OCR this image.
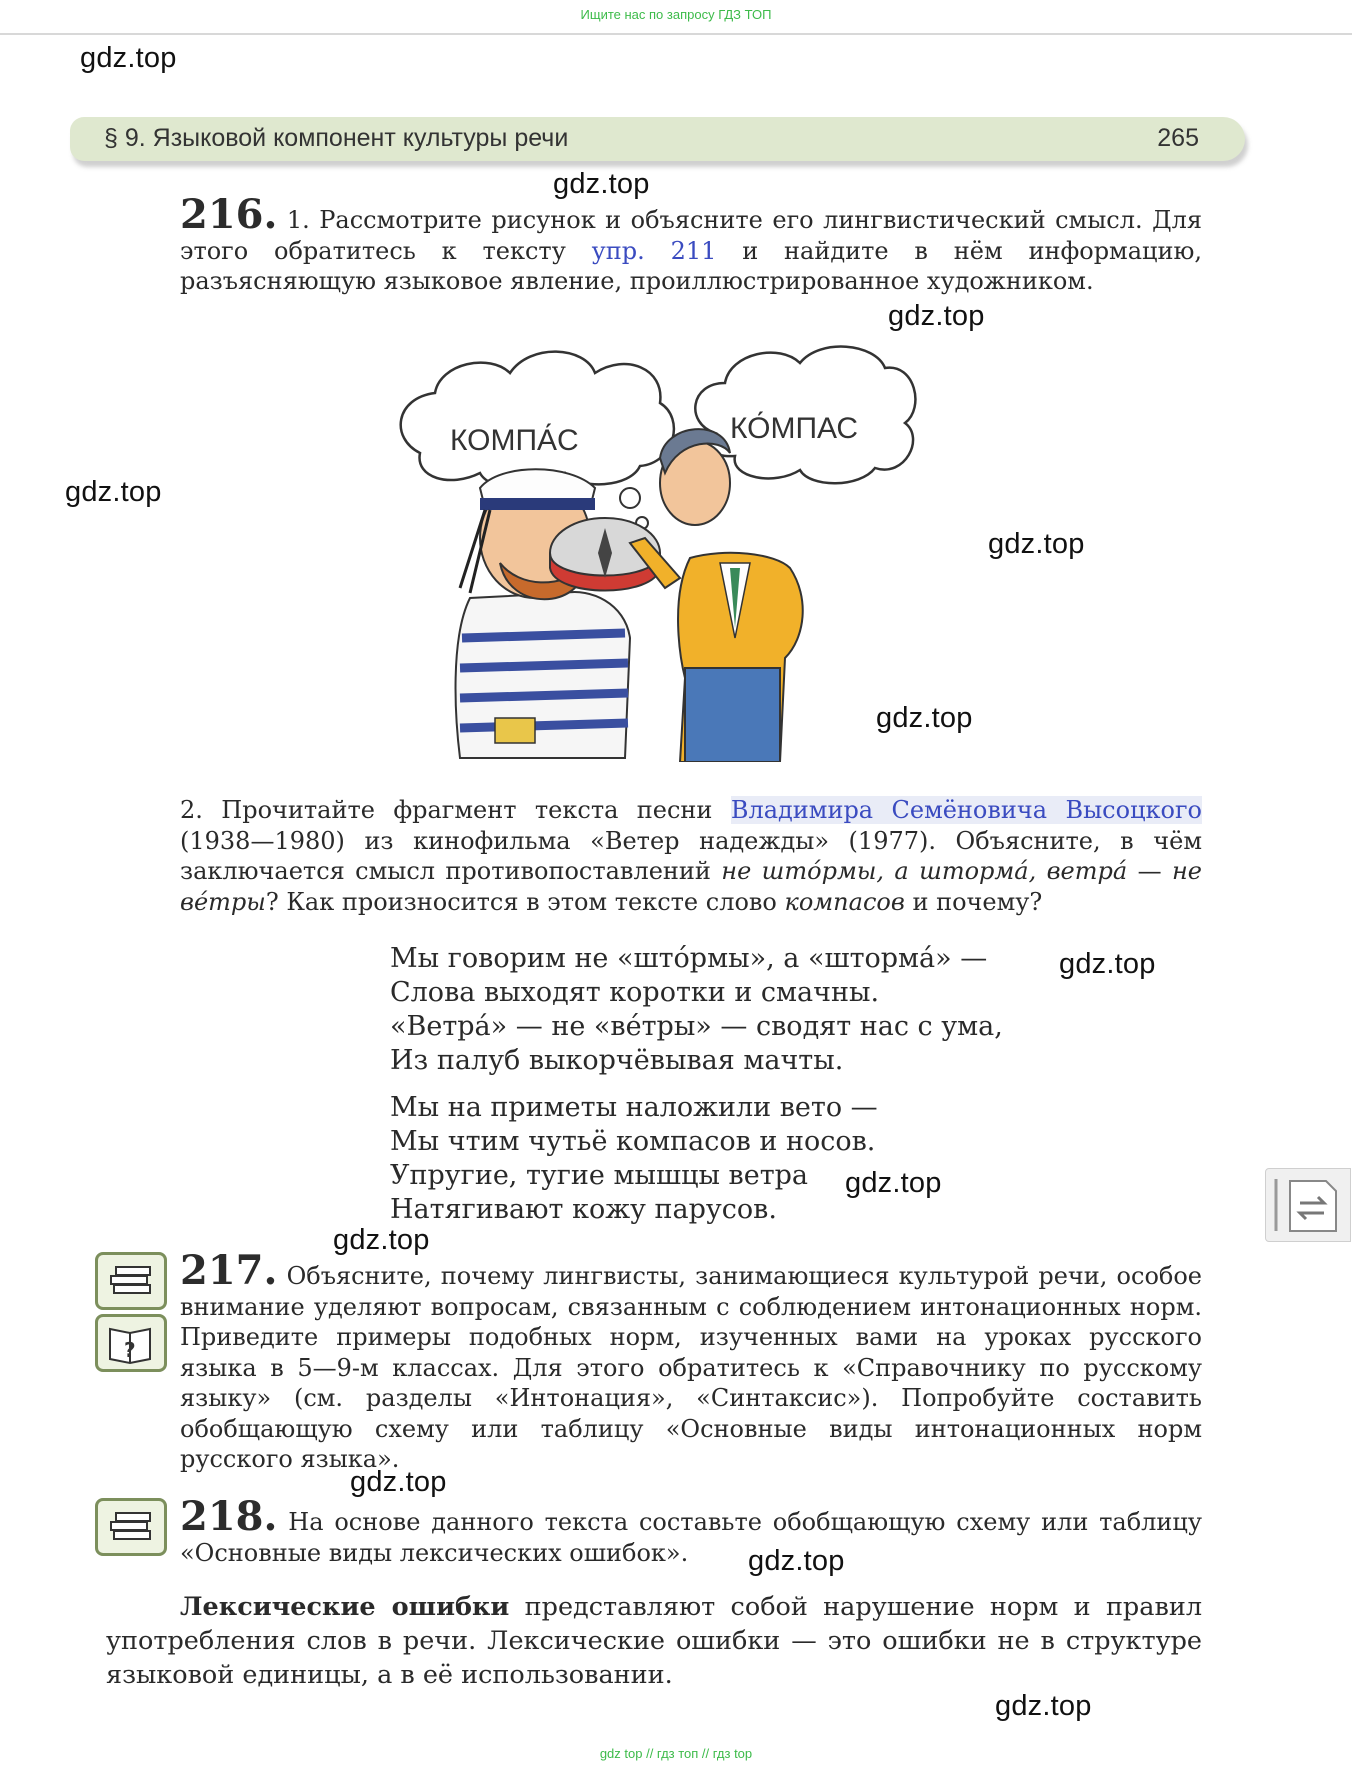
Ищите нас по запросу ГДЗ ТОП
gdz.top
gdz.top
gdz.top
gdz.top
gdz.top
gdz.top
gdz.top
gdz.top
gdz.top
gdz.top
gdz.top
gdz.top
§ 9. Языковой компонент культуры речи	265
216. 1. Рассмотрите рисунок и объясните его лингвистический смысл. Для этого обратитесь к тексту упр. 211 и найдите в нём информацию, разъясняющую языковое явление, проиллюстрированное художником.
КОМПА́С	КО́МПАС
2. Прочитайте фрагмент текста песни Владимира Семёновича Высоцкого (1938—1980) из кинофильма «Ветер надежды» (1977). Объясните, в чём заключается смысл противопоставлений не што́рмы, а штормá, ветрá — не ве́тры? Как произносится в этом тексте слово компасов и почему?
Мы говорим не «што́рмы», а «штормá» —
Слова выходят коротки и смачны.
«Ветрá» — не «ве́тры» — сводят нас с ума,
Из палуб выкорчёвывая мачты.
Мы на приметы наложили вето —
Мы чтим чутьё компасов и носов.
Упругие, тугие мышцы ветра
Натягивают кожу парусов.
?
217. Объясните, почему лингвисты, занимающиеся культурой речи, особое внимание уделяют вопросам, связанным с соблюдением интонационных норм. Приведите примеры подобных норм, изученных вами на уроках русского языка в 5—9-м классах. Для этого обратитесь к «Справочнику по русскому языку» (см. разделы «Интонация», «Синтаксис»). Попробуйте составить обобщающую схему или таблицу «Основные виды интонационных норм русского языка».
218. На основе данного текста составьте обобщающую схему или таблицу «Основные виды лексических ошибок».
Лексические ошибки представляют собой нарушение норм и правил употребления слов в речи. Лексические ошибки — это ошибки не в структуре языковой единицы, а в её использовании.
gdz top // гдз топ // гдз top
